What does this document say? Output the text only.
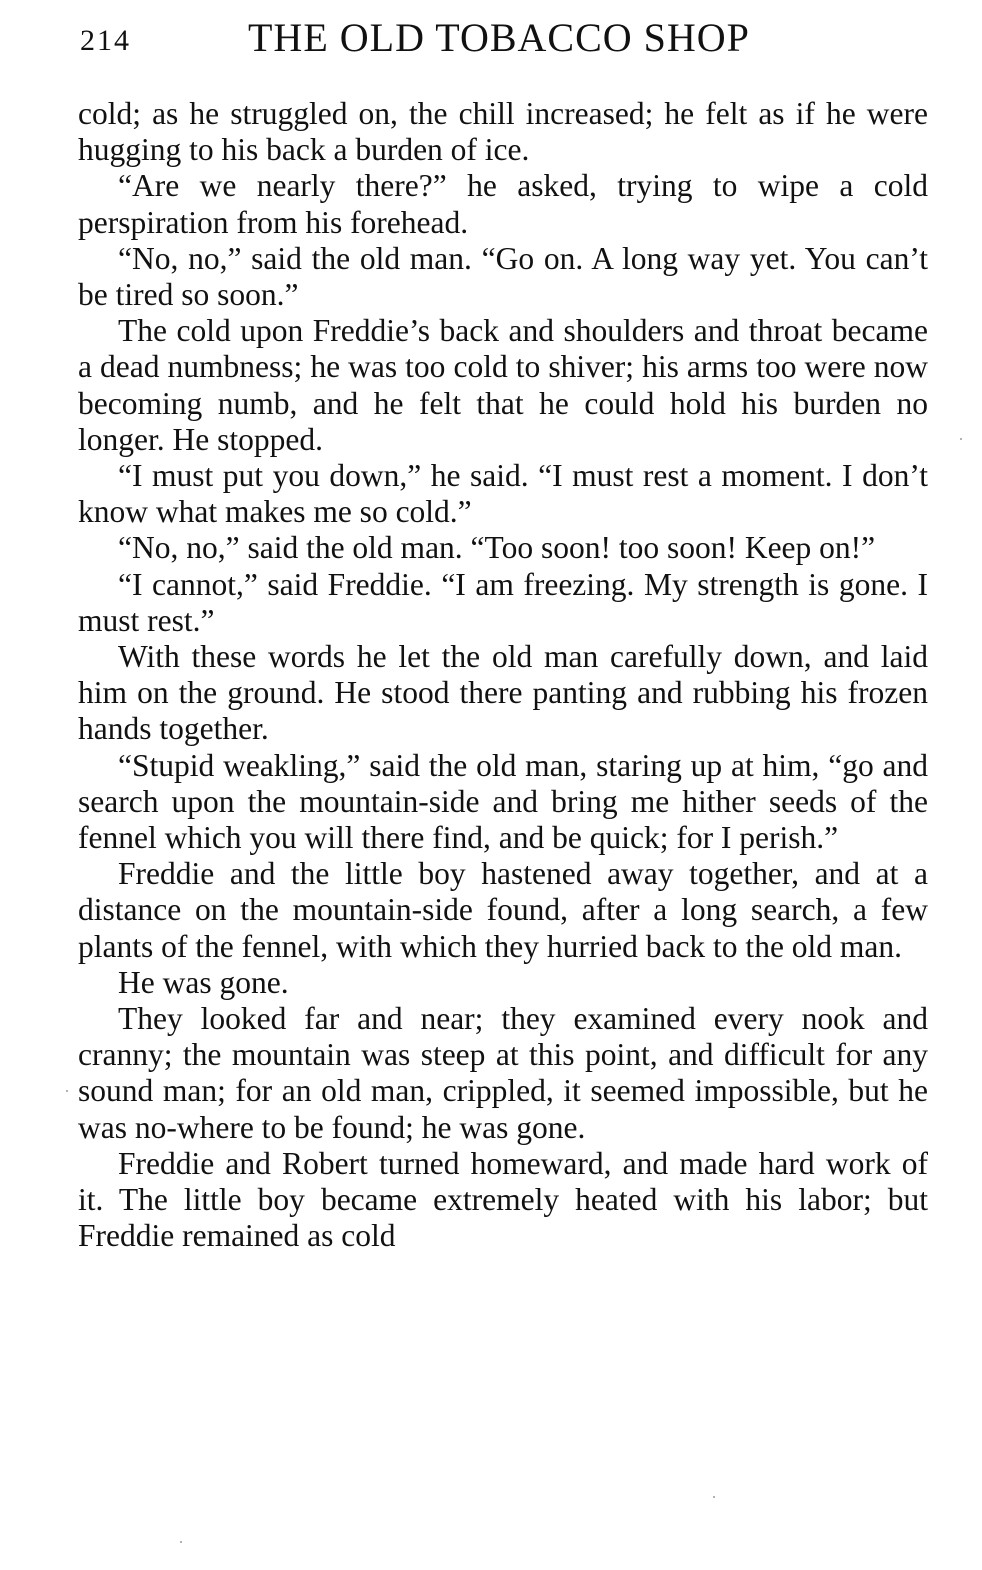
214	THE OLD TOBACCO SHOP

cold; as he struggled on, the chill increased; he felt as if he were hugging to his back a burden of ice.

“Are we nearly there?” he asked, trying to wipe a cold perspiration from his forehead.

“No, no,” said the old man. “Go on. A long way yet. You can’t be tired so soon.”

The cold upon Freddie’s back and shoulders and throat became a dead numbness; he was too cold to shiver; his arms too were now becoming numb, and he felt that he could hold his burden no longer. He stopped.

“I must put you down,” he said. “I must rest a moment. I don’t know what makes me so cold.”

“No, no,” said the old man. “Too soon! too soon! Keep on!”

“I cannot,” said Freddie. “I am freezing. My strength is gone. I must rest.”

With these words he let the old man carefully down, and laid him on the ground. He stood there panting and rubbing his frozen hands together.

“Stupid weakling,” said the old man, staring up at him, “go and search upon the mountain-side and bring me hither seeds of the fennel which you will there find, and be quick; for I perish.”

Freddie and the little boy hastened away together, and at a distance on the mountain-side found, after a long search, a few plants of the fennel, with which they hurried back to the old man.

He was gone.

They looked far and near; they examined every nook and cranny; the mountain was steep at this point, and difficult for any sound man; for an old man, crippled, it seemed impossible, but he was no-where to be found; he was gone.

Freddie and Robert turned homeward, and made hard work of it. The little boy became extremely heated with his labor; but Freddie remained as cold
